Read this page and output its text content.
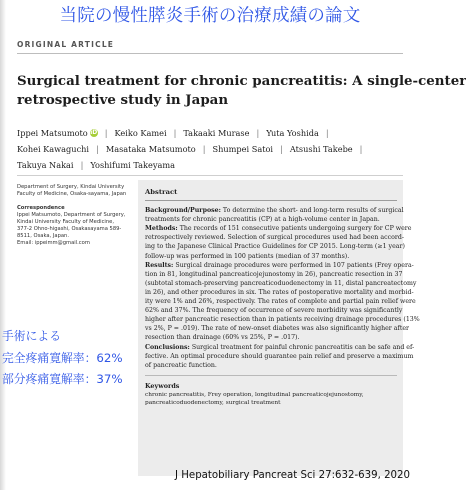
当院の慢性膵炎手術の治療成績の論文
ORIGINAL ARTICLE
Surgical treatment for chronic pancreatitis: A single-center
retrospective study in Japan
Ippei Matsumoto iD | Keiko Kamei | Takaaki Murase | Yuta Yoshida |
Kohei Kawaguchi | Masataka Matsumoto | Shumpei Satoi | Atsushi Takebe |
Takuya Nakai | Yoshifumi Takeyama
Department of Surgery, Kindai University
Faculty of Medicine, Osaka-sayama, Japan
Correspondence
Ippei Matsumoto, Department of Surgery,
Kindai University Faculty of Medicine,
377-2 Ohno-higashi, Osakasayama 589-
8511, Osaka, Japan.
Email: ippeimm@gmail.com
Abstract
Background/Purpose: To determine the short- and long-term results of surgical
treatments for chronic pancreatitis (CP) at a high-volume center in Japan.
Methods: The records of 151 consecutive patients undergoing surgery for CP were
retrospectively reviewed. Selection of surgical procedures used had been accord-
ing to the Japanese Clinical Practice Guidelines for CP 2015. Long-term (≥1 year)
follow-up was performed in 100 patients (median of 37 months).
Results: Surgical drainage procedures were performed in 107 patients (Frey opera-
tion in 81, longitudinal pancreaticojejunostomy in 26), pancreatic resection in 37
(subtotal stomach-preserving pancreaticoduodenectomy in 11, distal pancreatectomy
in 26), and other procedures in six. The rates of postoperative mortality and morbid-
ity were 1% and 26%, respectively. The rates of complete and partial pain relief were
62% and 37%. The frequency of occurrence of severe morbidity was significantly
higher after pancreatic resection than in patients receiving drainage procedures (13%
vs 2%, P = .019). The rate of new-onset diabetes was also significantly higher after
resection than drainage (60% vs 25%, P = .017).
Conclusions: Surgical treatment for painful chronic pancreatitis can be safe and ef-
fective. An optimal procedure should guarantee pain relief and preserve a maximum
of pancreatic function.
Keywords
chronic pancreatitis, Frey operation, longitudinal pancreaticojejunostomy,
pancreaticoduodenectomy, surgical treatment
手術による
完全疼痛寛解率：62%
部分疼痛寛解率：37%
J Hepatobiliary Pancreat Sci 27:632-639, 2020
